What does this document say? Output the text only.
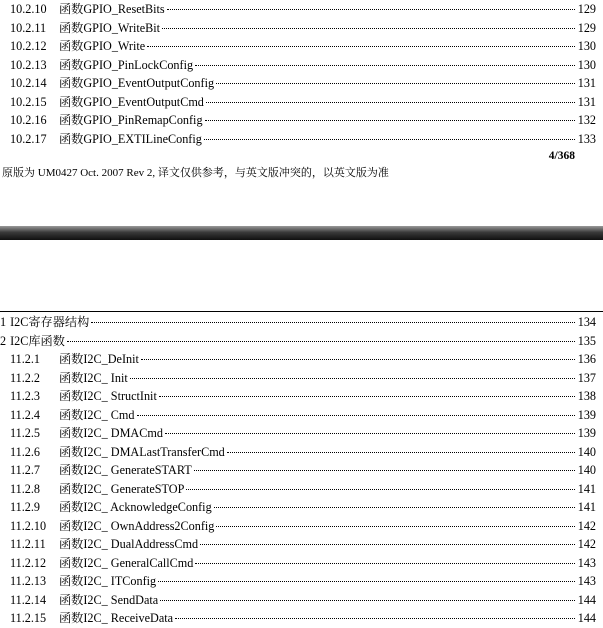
10.2.10	函数GPIO_ResetBits	129
10.2.11	函数GPIO_WriteBit	129
10.2.12	函数GPIO_Write	130
10.2.13	函数GPIO_PinLockConfig	130
10.2.14	函数GPIO_EventOutputConfig	131
10.2.15	函数GPIO_EventOutputCmd	131
10.2.16	函数GPIO_PinRemapConfig	132
10.2.17	函数GPIO_EXTILineConfig	133
4/368
原版为 UM0427 Oct. 2007 Rev 2, 译文仅供参考，与英文版冲突的，以英文版为准
1 I2C寄存器结构	134
2 I2C库函数	135
11.2.1	函数I2C_DeInit	136
11.2.2	函数I2C_ Init	137
11.2.3	函数I2C_ StructInit	138
11.2.4	函数I2C_ Cmd	139
11.2.5	函数I2C_ DMACmd	139
11.2.6	函数I2C_ DMALastTransferCmd	140
11.2.7	函数I2C_ GenerateSTART	140
11.2.8	函数I2C_ GenerateSTOP	141
11.2.9	函数I2C_ AcknowledgeConfig	141
11.2.10	函数I2C_ OwnAddress2Config	142
11.2.11	函数I2C_ DualAddressCmd	142
11.2.12	函数I2C_ GeneralCallCmd	143
11.2.13	函数I2C_ ITConfig	143
11.2.14	函数I2C_ SendData	144
11.2.15	函数I2C_ ReceiveData	144
